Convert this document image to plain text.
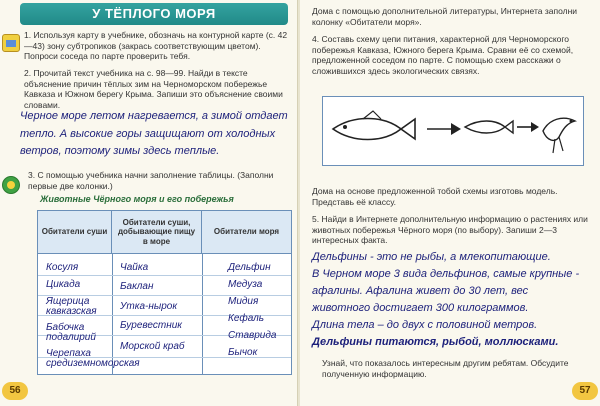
У ТЁПЛОГО МОРЯ
1. Используя карту в учебнике, обозначь на контурной карте (с. 42—43) зону субтропиков (закрась соответствующим цветом). Попроси соседа по парте проверить тебя.
2. Прочитай текст учебника на с. 98—99. Найди в тексте объяснение причин тёплых зим на Черноморском побережье Кавказа и Южном берегу Крыма. Запиши это объяснение своими словами.
Черное море летом нагревается, а зимой отдает
тепло. А высокие горы защищают от холодных
ветров, поэтому зимы здесь теплые.
3. С помощью учебника начни заполнение таблицы. (Заполни первые две колонки.)
Животные Чёрного моря и его побережья
Обитатели суши
Обитатели суши, добывающие пищу в море
Обитатели моря
Косуля
Цикада
Ящерица кавказская
Бабочка подалирий
Черепаха средиземноморская
Чайка
Баклан
Утка-нырок
Буревестник
Морской краб
Дельфин
Медуза
Мидия
Кефаль
Ставрида
Бычок
56
Дома с помощью дополнительной литературы, Интернета заполни колонку «Обитатели моря».
4. Составь схему цепи питания, характерной для Черноморского побережья Кавказа, Южного берега Крыма. Сравни её со схемой, предложенной соседом по парте. С помощью схем расскажи о сложившихся здесь экологических связях.
Дома на основе предложенной тобой схемы изготовь модель. Представь её классу.
5. Найди в Интернете дополнительную информацию о растениях или животных побережья Чёрного моря (по выбору). Запиши 2—3 интересных факта.
Дельфины - это не рыбы, а млекопитающие.
В Черном море 3 вида дельфинов, самые крупные -
афалины. Афалина живет до 30 лет, вес
животного достигает 300 килограммов.
Длина тела – до двух с половиной метров.
Дельфины питаются, рыбой, моллюсками.
Узнай, что показалось интересным другим ребятам. Обсудите полученную информацию.
57
